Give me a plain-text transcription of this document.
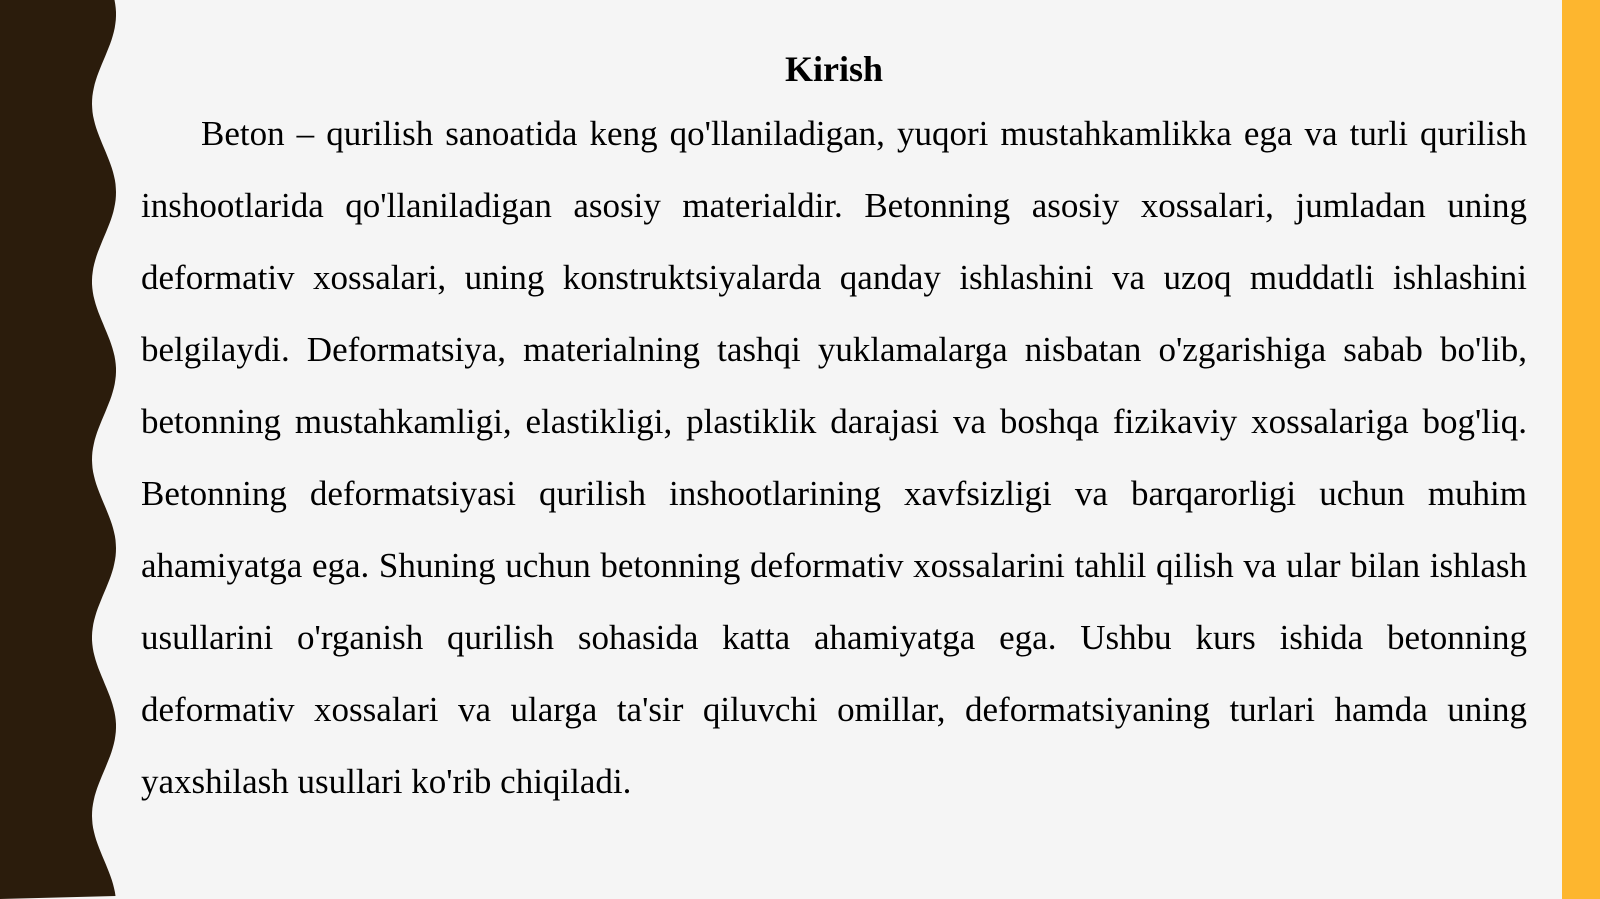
Kirish

Beton – qurilish sanoatida keng qo'llaniladigan, yuqori mustahkamlikka ega va turli qurilish inshootlarida qo'llaniladigan asosiy materialdir. Betonning asosiy xossalari, jumladan uning deformativ xossalari, uning konstruktsiyalarda qanday ishlashini va uzoq muddatli ishlashini belgilaydi. Deformatsiya, materialning tashqi yuklamalarga nisbatan o'zgarishiga sabab bo'lib, betonning mustahkamligi, elastikligi, plastiklik darajasi va boshqa fizikaviy xossalariga bog'liq. Betonning deformatsiyasi qurilish inshootlarining xavfsizligi va barqarorligi uchun muhim ahamiyatga ega. Shuning uchun betonning deformativ xossalarini tahlil qilish va ular bilan ishlash usullarini o'rganish qurilish sohasida katta ahamiyatga ega. Ushbu kurs ishida betonning deformativ xossalari va ularga ta'sir qiluvchi omillar, deformatsiyaning turlari hamda uning yaxshilash usullari ko'rib chiqiladi.
